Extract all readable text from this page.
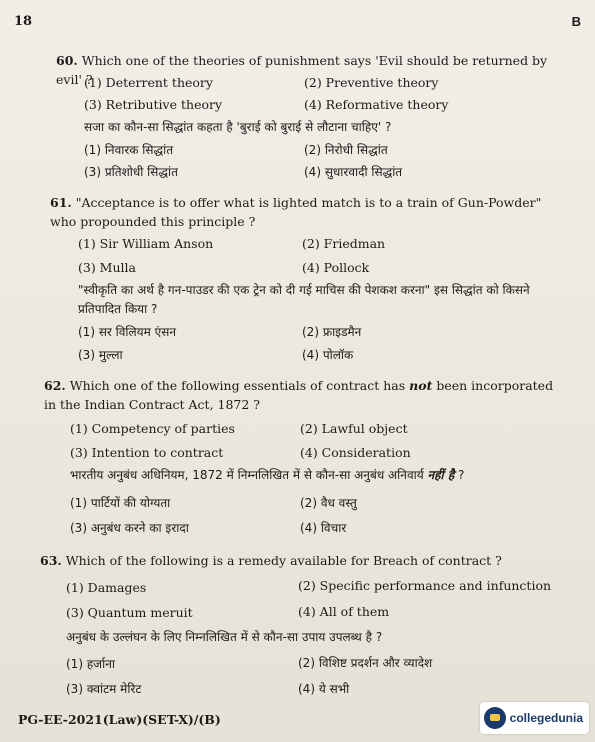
18	B
60. Which one of the theories of punishment says 'Evil should be returned by evil' ?
(1) Deterrent theory	(2) Preventive theory
(3) Retributive theory	(4) Reformative theory
सजा का कौन-सा सिद्धांत कहता है 'बुराई को बुराई से लौटाना चाहिए' ?
(1) निवारक सिद्धांत	(2) निरोधी सिद्धांत
(3) प्रतिशोधी सिद्धांत	(4) सुधारवादी सिद्धांत
61. "Acceptance is to offer what is lighted match is to a train of Gun-Powder" who propounded this principle ?
(1) Sir William Anson	(2) Friedman
(3) Mulla	(4) Pollock
"स्वीकृति का अर्थ है गन-पाउडर की एक ट्रेन को दी गई माचिस की पेशकश करना" इस सिद्धांत को किसने प्रतिपादित किया ?
(1) सर विलियम एंसन	(2) फ्राइडमैन
(3) मुल्ला	(4) पोलॉक
62. Which one of the following essentials of contract has not been incorporated in the Indian Contract Act, 1872 ?
(1) Competency of parties	(2) Lawful object
(3) Intention to contract	(4) Consideration
भारतीय अनुबंध अधिनियम, 1872 में निम्नलिखित में से कौन-सा अनुबंध अनिवार्य नहीं है ?
(1) पार्टियों की योग्यता	(2) वैध वस्तु
(3) अनुबंध करने का इरादा	(4) विचार
63. Which of the following is a remedy available for Breach of contract ?
(1) Damages	(2) Specific performance and infunction
(3) Quantum meruit	(4) All of them
अनुबंध के उल्लंघन के लिए निम्नलिखित में से कौन-सा उपाय उपलब्ध है ?
(1) हर्जाना	(2) विशिष्ट प्रदर्शन और व्यादेश
(3) क्वांटम मेरिट	(4) ये सभी
PG-EE-2021(Law)(SET-X)/(B)	collegedunia
